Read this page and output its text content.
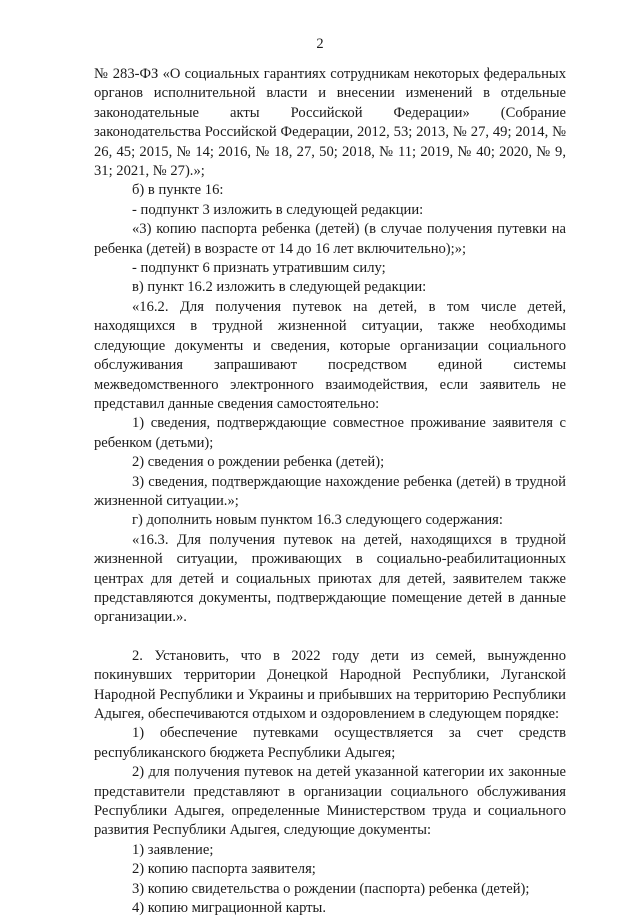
2

№ 283-ФЗ «О социальных гарантиях сотрудникам некоторых федеральных органов исполнительной власти и внесении изменений в отдельные законодательные акты Российской Федерации» (Собрание законодательства Российской Федерации, 2012, 53; 2013, № 27, 49; 2014, № 26, 45; 2015, № 14; 2016, № 18, 27, 50; 2018, № 11; 2019, № 40; 2020, № 9, 31; 2021, № 27).»;

б) в пункте 16:

- подпункт 3 изложить в следующей редакции:

«3) копию паспорта ребенка (детей) (в случае получения путевки на ребенка (детей) в возрасте от 14 до 16 лет включительно);»;

- подпункт 6 признать утратившим силу;

в) пункт 16.2 изложить в следующей редакции:

«16.2. Для получения путевок на детей, в том числе детей, находящихся в трудной жизненной ситуации, также необходимы следующие документы и сведения, которые организации социального обслуживания запрашивают посредством единой системы межведомственного электронного взаимодействия, если заявитель не представил данные сведения самостоятельно:

1) сведения, подтверждающие совместное проживание заявителя с ребенком (детьми);

2) сведения о рождении ребенка (детей);

3) сведения, подтверждающие нахождение ребенка (детей) в трудной жизненной ситуации.»;

г) дополнить новым пунктом 16.3 следующего содержания:

«16.3. Для получения путевок на детей, находящихся в трудной жизненной ситуации, проживающих в социально-реабилитационных центрах для детей и социальных приютах для детей, заявителем также представляются документы, подтверждающие помещение детей в данные организации.».

2. Установить, что в 2022 году дети из семей, вынужденно покинувших территории Донецкой Народной Республики, Луганской Народной Республики и Украины и прибывших на территорию Республики Адыгея, обеспечиваются отдыхом и оздоровлением в следующем порядке:

1) обеспечение путевками осуществляется за счет средств республиканского бюджета Республики Адыгея;

2) для получения путевок на детей указанной категории их законные представители представляют в организации социального обслуживания Республики Адыгея, определенные Министерством труда и социального развития Республики Адыгея, следующие документы:

1) заявление;

2) копию паспорта заявителя;

3) копию свидетельства о рождении (паспорта) ребенка (детей);

4) копию миграционной карты.
